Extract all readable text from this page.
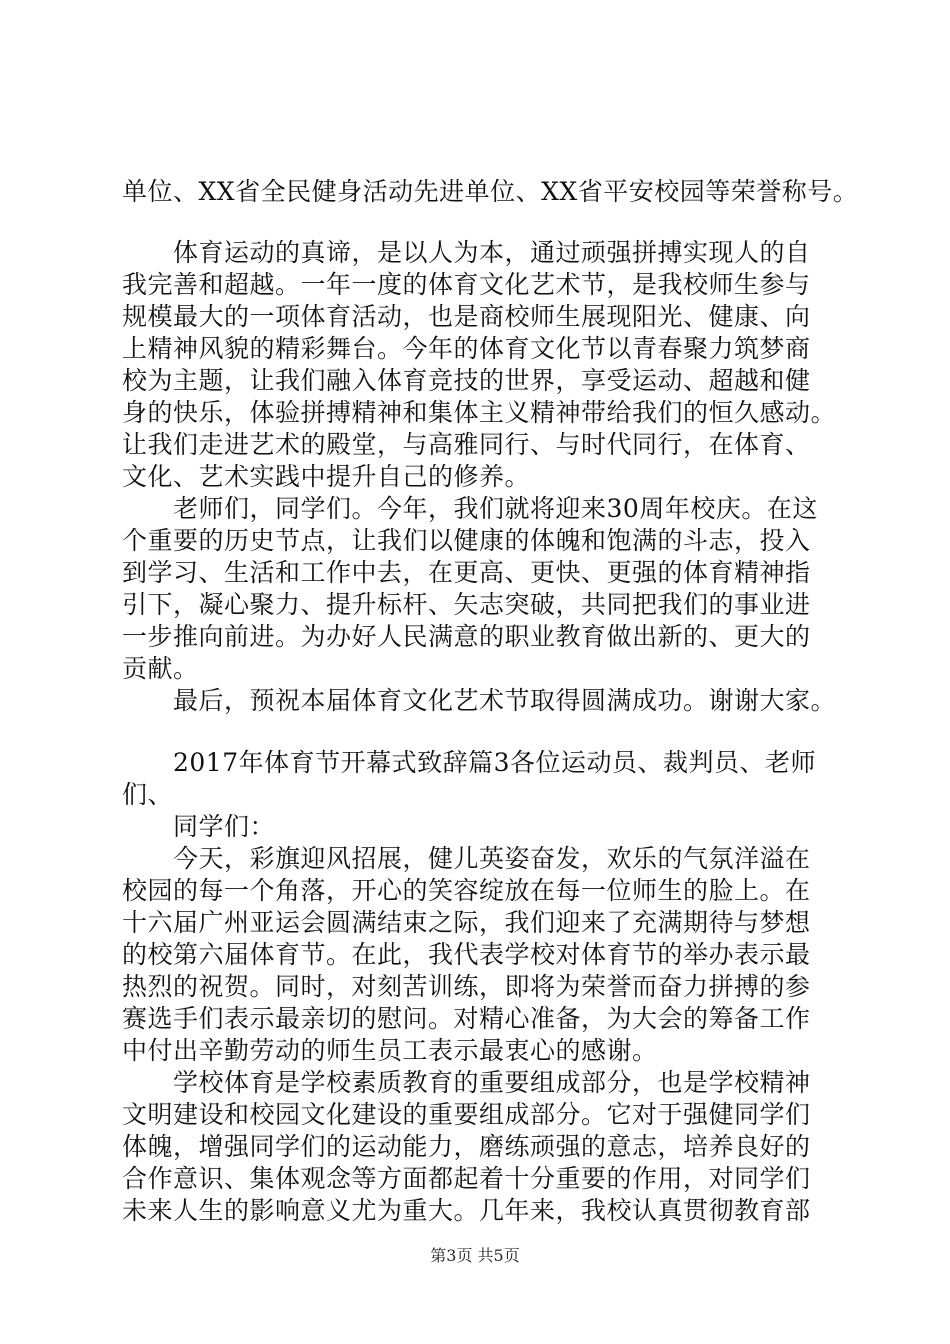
单位、XX省全民健身活动先进单位、XX省平安校园等荣誉称号。
　　体育运动的真谛，是以人为本，通过顽强拼搏实现人的自
我完善和超越。一年一度的体育文化艺术节，是我校师生参与
规模最大的一项体育活动，也是商校师生展现阳光、健康、向
上精神风貌的精彩舞台。今年的体育文化节以青春聚力筑梦商
校为主题，让我们融入体育竞技的世界，享受运动、超越和健
身的快乐，体验拼搏精神和集体主义精神带给我们的恒久感动。
让我们走进艺术的殿堂，与高雅同行、与时代同行，在体育、
文化、艺术实践中提升自己的修养。
　　老师们，同学们。今年，我们就将迎来30周年校庆。在这
个重要的历史节点，让我们以健康的体魄和饱满的斗志，投入
到学习、生活和工作中去，在更高、更快、更强的体育精神指
引下，凝心聚力、提升标杆、矢志突破，共同把我们的事业进
一步推向前进。为办好人民满意的职业教育做出新的、更大的
贡献。
　　最后，预祝本届体育文化艺术节取得圆满成功。谢谢大家。
　　2017年体育节开幕式致辞篇3各位运动员、裁判员、老师
们、
　　同学们：
　　今天，彩旗迎风招展，健儿英姿奋发，欢乐的气氛洋溢在
校园的每一个角落，开心的笑容绽放在每一位师生的脸上。在
十六届广州亚运会圆满结束之际，我们迎来了充满期待与梦想
的校第六届体育节。在此，我代表学校对体育节的举办表示最
热烈的祝贺。同时，对刻苦训练，即将为荣誉而奋力拼搏的参
赛选手们表示最亲切的慰问。对精心准备，为大会的筹备工作
中付出辛勤劳动的师生员工表示最衷心的感谢。
　　学校体育是学校素质教育的重要组成部分，也是学校精神
文明建设和校园文化建设的重要组成部分。它对于强健同学们
体魄，增强同学们的运动能力，磨练顽强的意志，培养良好的
合作意识、集体观念等方面都起着十分重要的作用，对同学们
未来人生的影响意义尤为重大。几年来，我校认真贯彻教育部
第3页 共5页
